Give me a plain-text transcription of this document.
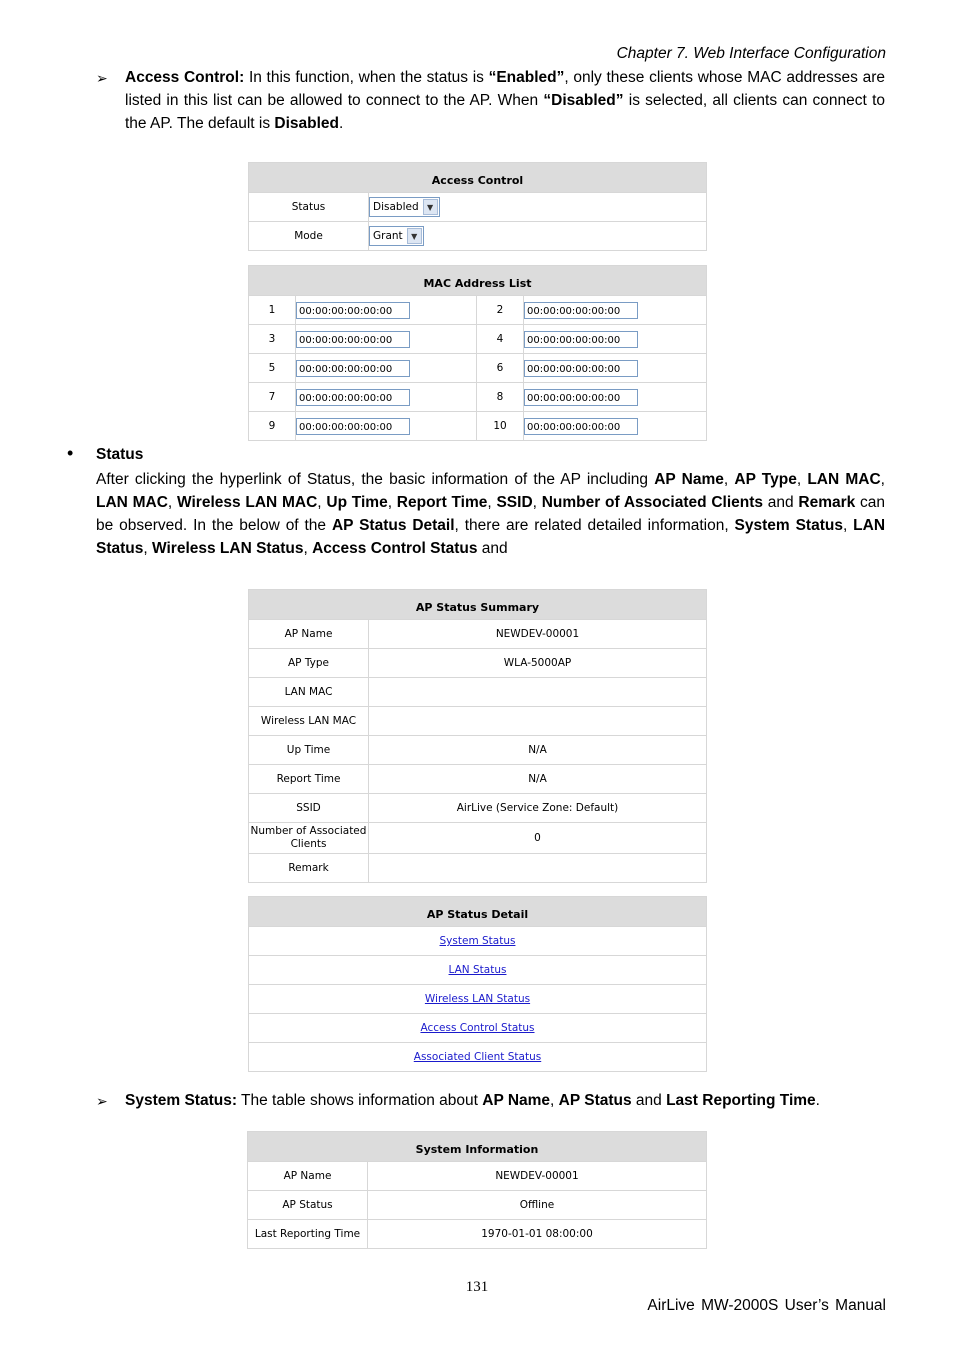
Chapter 7. Web Interface Configuration
➢ Access Control: In this function, when the status is “Enabled”, only these clients whose MAC addresses are listed in this list can be allowed to connect to the AP. When “Disabled” is selected, all clients can connect to the AP. The default is Disabled.
Access Control	
Status	Disabled ▼

Mode	Grant ▼
MAC Address List			
1	00:00:00:00:00:00	2	00:00:00:00:00:00
3	00:00:00:00:00:00	4	00:00:00:00:00:00
5	00:00:00:00:00:00	6	00:00:00:00:00:00
7	00:00:00:00:00:00	8	00:00:00:00:00:00
9	00:00:00:00:00:00	10	00:00:00:00:00:00
• Status
After clicking the hyperlink of Status, the basic information of the AP including AP Name, AP Type, LAN MAC, LAN MAC, Wireless LAN MAC, Up Time, Report Time, SSID, Number of Associated Clients and Remark can be observed. In the below of the AP Status Detail, there are related detailed information, System Status, LAN Status, Wireless LAN Status, Access Control Status and
AP Status Summary	
AP Name	NEWDEV-00001
AP Type	WLA-5000AP
LAN MAC	
Wireless LAN MAC	
Up Time	N/A
Report Time	N/A
SSID	AirLive (Service Zone: Default)
Number of Associated Clients	0
Remark	
AP Status Detail
System Status
LAN Status
Wireless LAN Status
Access Control Status
Associated Client Status
➢ System Status: The table shows information about AP Name, AP Status and Last Reporting Time.
System Information	
AP Name	NEWDEV-00001
AP Status	Offline
Last Reporting Time	1970-01-01 08:00:00
131
AirLive MW-2000S User’s Manual
